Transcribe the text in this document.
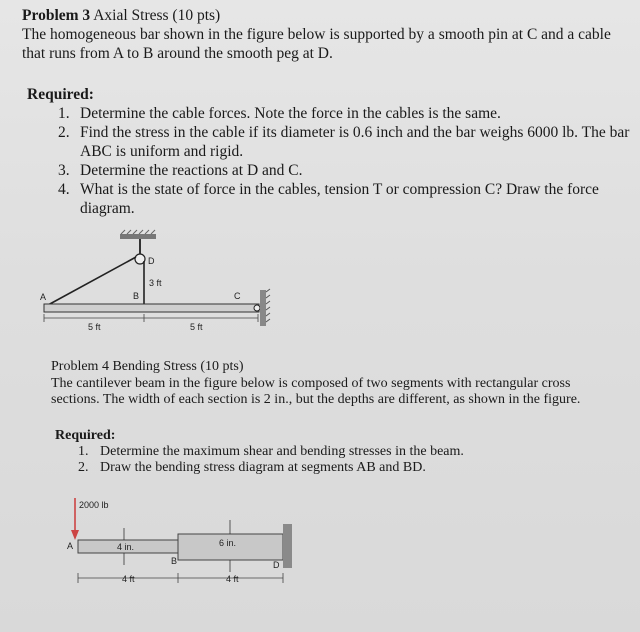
Problem 3 Axial Stress (10 pts)
The homogeneous bar shown in the figure below is supported by a smooth pin at C and a cable
that runs from A to B around the smooth peg at D.
Required:
1. Determine the cable forces. Note the force in the cables is the same.
2. Find the stress in the cable if its diameter is 0.6 inch and the bar weighs 6000 lb. The bar
ABC is uniform and rigid.
3. Determine the reactions at D and C.
4. What is the state of force in the cables, tension T or compression C? Draw the force
diagram.
D
3 ft
A	B	C
5 ft	5 ft
Problem 4 Bending Stress (10 pts)
The cantilever beam in the figure below is composed of two segments with rectangular cross
sections. The width of each section is 2 in., but the depths are different, as shown in the figure.
Required:
1. Determine the maximum shear and bending stresses in the beam.
2. Draw the bending stress diagram at segments AB and BD.
2000 lb
A	4 in.	6 in.
B	D
4 ft	4 ft
